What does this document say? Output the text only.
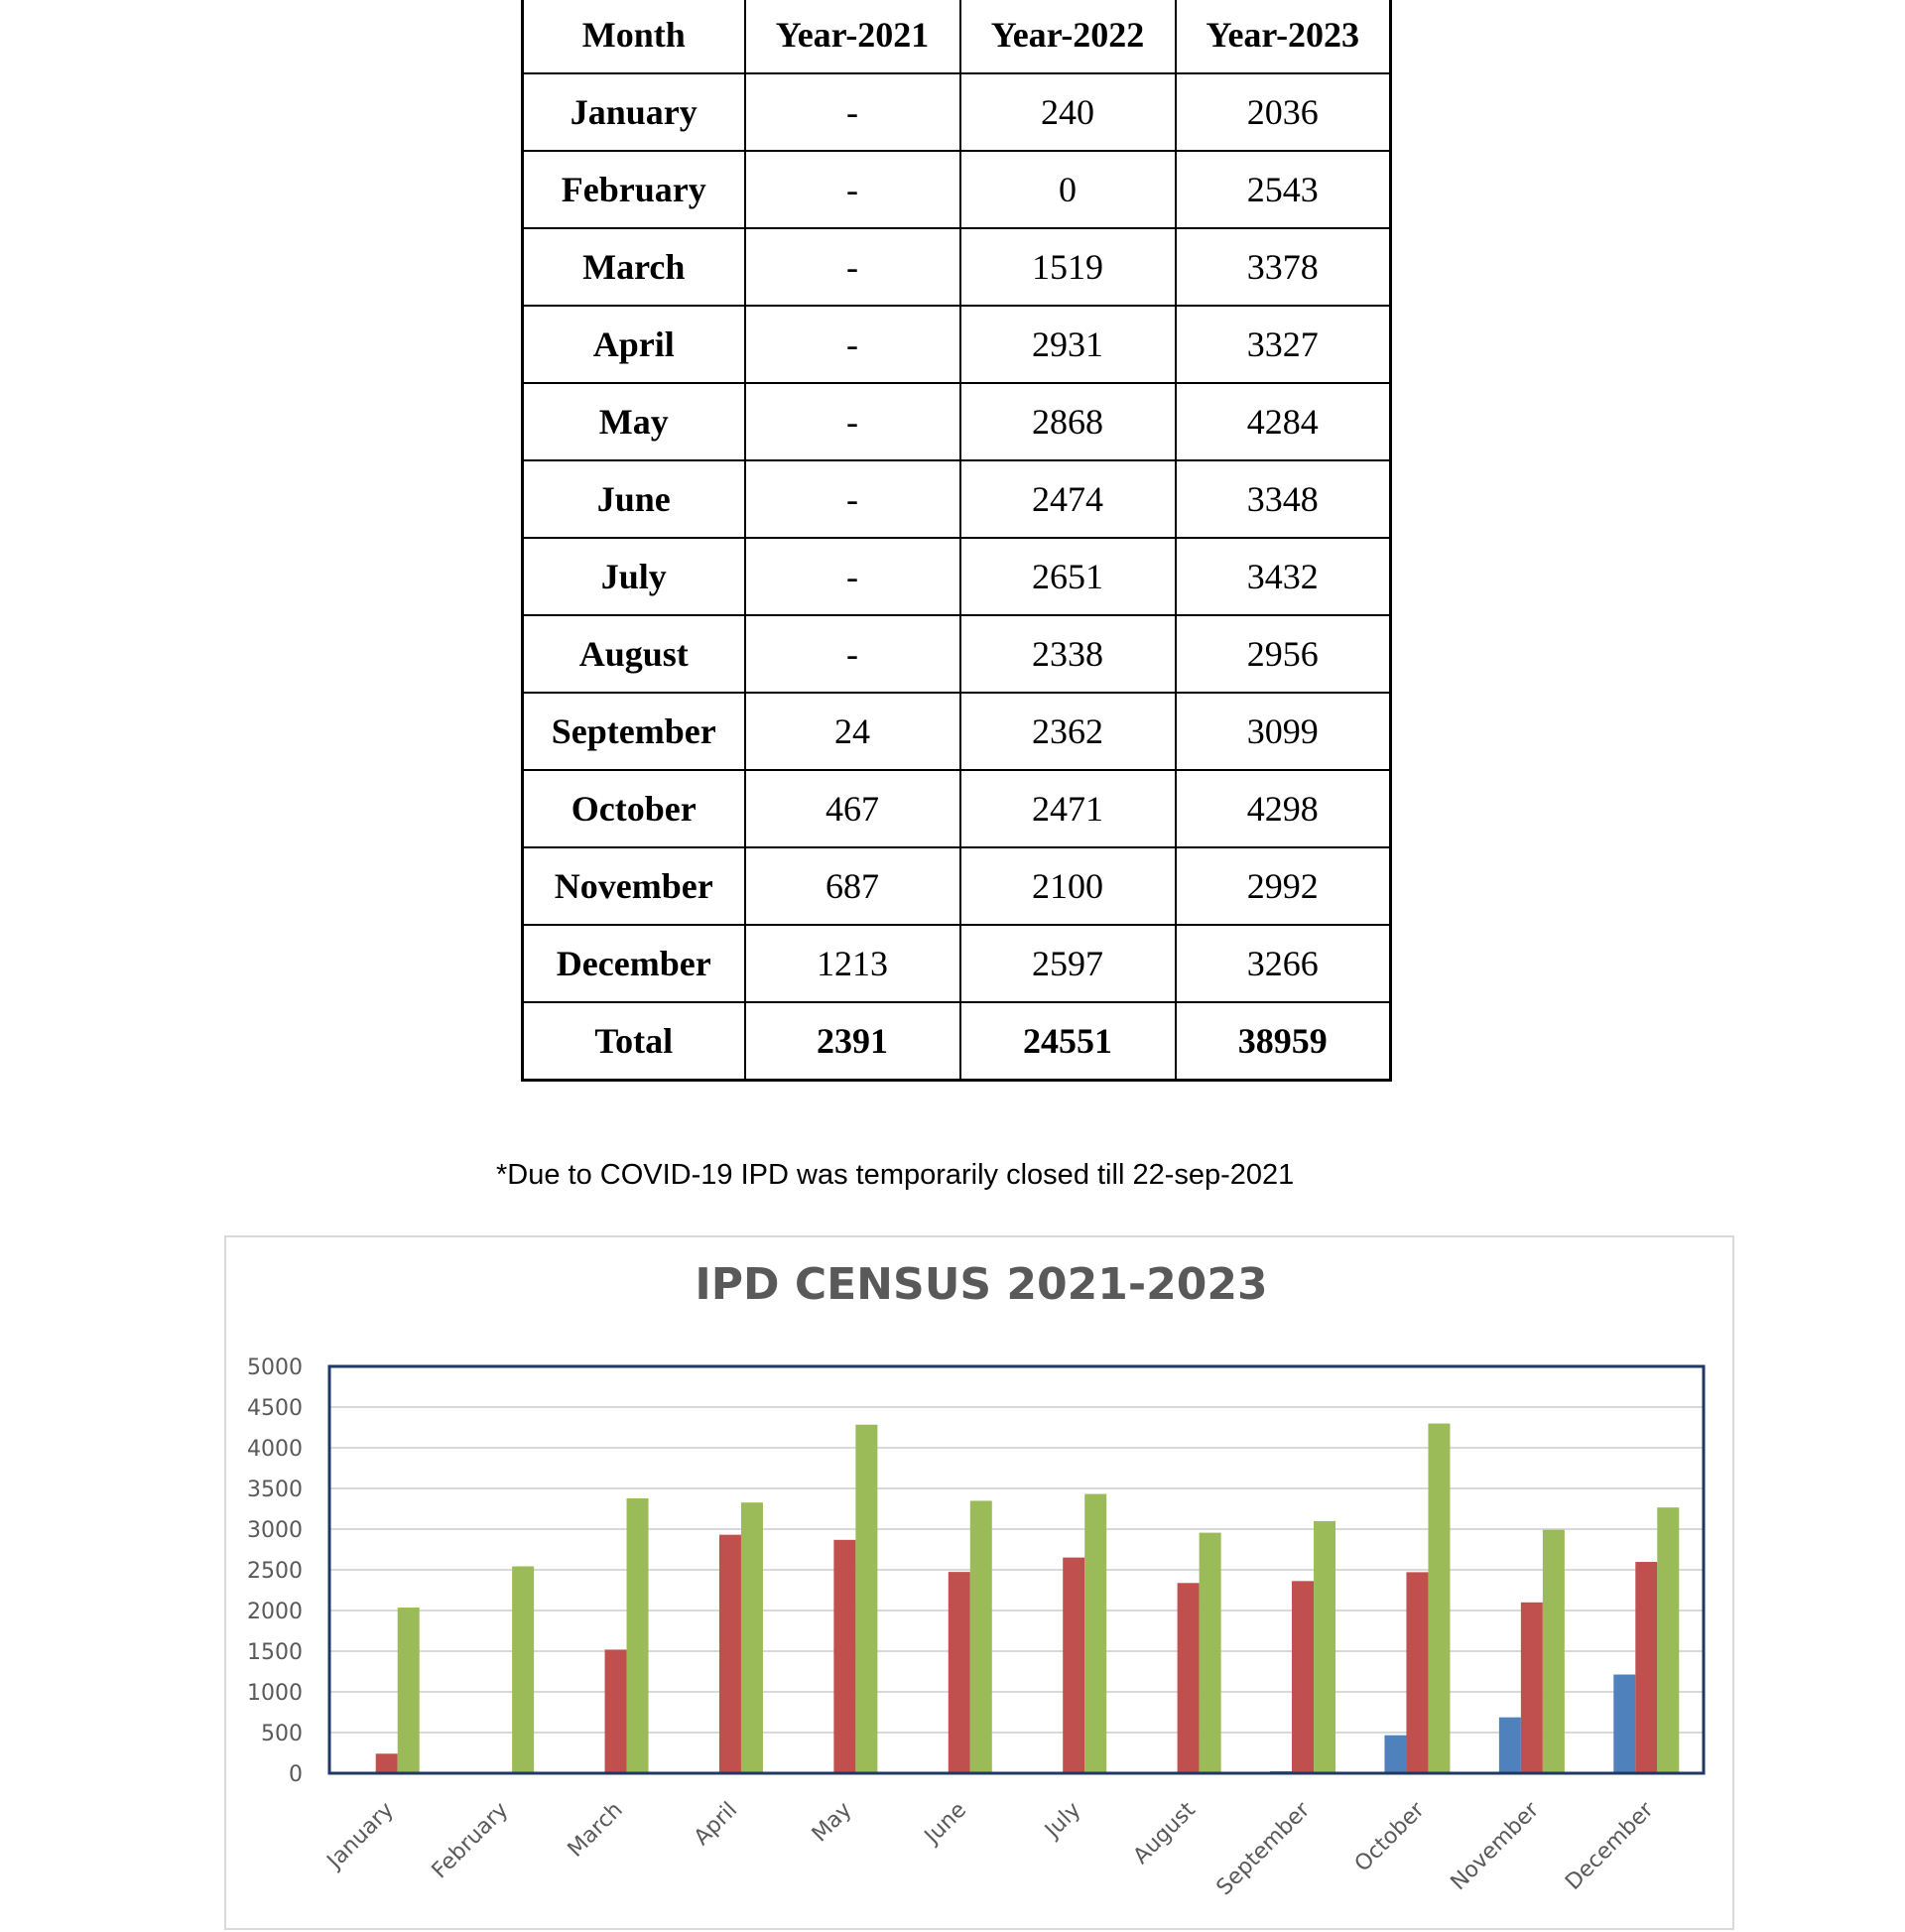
Month	Year-2021	Year-2022	Year-2023
January	-	240	2036
February	-	0	2543
March	-	1519	3378
April	-	2931	3327
May	-	2868	4284
June	-	2474	3348
July	-	2651	3432
August	-	2338	2956
September	24	2362	3099
October	467	2471	4298
November	687	2100	2992
December	1213	2597	3266
Total	2391	24551	38959
*Due to COVID-19 IPD was temporarily closed till 22-sep-2021
IPD CENSUS 2021-2023
0
500
1000
1500
2000
2500
3000
3500
4000
4500
5000
January February March	April	May	June	July August September October November December
